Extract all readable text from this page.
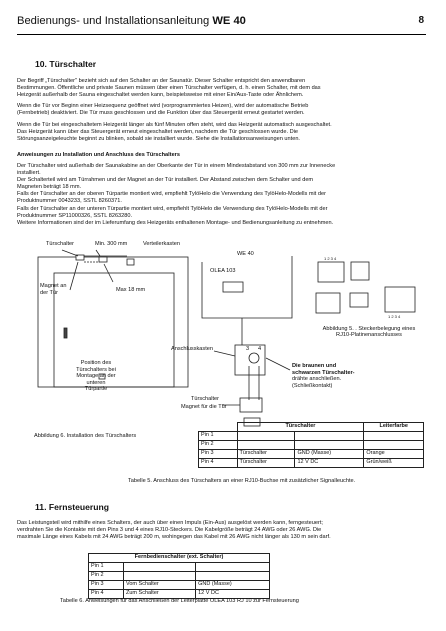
Bedienungs- und Installationsanleitung WE 40	8
10. Türschalter
Der Begriff „Türschalter" bezieht sich auf den Schalter an der Saunatür. Dieser Schalter entspricht den anwendbaren
Bestimmungen. Öffentliche und private Saunen müssen über einen Türschalter verfügen, d. h. einen Schalter, mit dem das
Heizgerät außerhalb der Sauna eingeschaltet werden kann, beispielsweise mit einer Ein/Aus-Taste oder Ähnlichem.
Wenn die Tür vor Beginn einer Heizsequenz geöffnet wird (vorprogrammiertes Heizen), wird der automatische Betrieb
(Fernbetrieb) deaktiviert. Die Tür muss geschlossen und die Funktion über das Steuergerät erneut gestartet werden.
Wenn die Tür bei eingeschaltetem Heizgerät länger als fünf Minuten offen steht, wird das Heizgerät automatisch ausgeschaltet.
Das Heizgerät kann über das Steuergerät erneut eingeschaltet werden, nachdem die Tür geschlossen wurde. Die
Störungsanzeigeleuchte beginnt zu blinken, sobald sie installiert wurde. Siehe die Installationsanweisungen unten.
Anweisungen zu Installation und Anschluss des Türschalters
Der Türschalter wird außerhalb der Saunakabine an der Oberkante der Tür in einem Mindestabstand von 300 mm zur Innenecke
installiert.
Der Schalterteil wird am Türrahmen und der Magnet an der Tür installiert. Der Abstand zwischen dem Schalter und dem
Magneten beträgt 18 mm.
Falls der Türschalter an der oberen Türpartie montiert wird, empfiehlt TylöHelo die Verwendung des TylöHelo-Modells mit der
Produktnummer 0043233, SSTL 8260371.
Falls der Türschalter an der unteren Türpartie montiert wird, empfiehlt TylöHelo die Verwendung des TylöHelo-Modells mit der
Produktnummer SP11000326, SSTL 8263280.
Weitere Informationen sind der im Lieferumfang des Heizgeräts enthaltenen Montage- und Bedienungsanleitung zu entnehmen.
Türschalter	Min. 300 mm	Verteilerkasten
Magnet an
der Tür	Max 18 mm
Position des
Türschalters bei
Montage an der
unteren
Türpartie
Abbildung 6. Installation des Türschalters
WE 40
OLEA 103
Anschlusskasten	3 4
Die braunen und
schwarzen Türschalter-
drähte anschließen.
(Schließkontakt)
Türschalter
Magnet für die Tür
1 2 3 4
1 2 3 4
Abbildung 5. . Steckerbelegung eines
RJ10-Platinenanschlusses
	Türschalter		Leiterfarbe
Pin 1			
Pin 2			
Pin 3	Türschalter	GND (Masse)	Orange
Pin 4	Türschalter	12 V DC	Grün/weiß
Tabelle 5. Anschluss des Türschalters an einer RJ10-Buchse mit zusätzlicher Signalleuchte.
11. Fernsteuerung
Das Leistungsteil wird mithilfe eines Schalters, der auch über einen Impuls (Ein-Aus) ausgelöst werden kann, ferngesteuert;
verdrahten Sie die Kontakte mit den Pins 3 und 4 eines RJ10-Steckers. Die Kabelgröße beträgt 24 AWG oder 26 AWG. Die
maximale Länge eines Kabels mit 24 AWG beträgt 200 m, wohingegen das Kabel mit 26 AWG nicht länger als 130 m sein darf.
Fernbedienschalter (ext. Schalter)		
Pin 1		
Pin 2		
Pin 3	Vom Schalter	GND (Masse)
Pin 4	Zum Schalter	12 V DC
Tabelle 6. Anweisungen für das Anschließen der Leiterplatte OLEA 103 RJ 10 zur Fernsteuerung
